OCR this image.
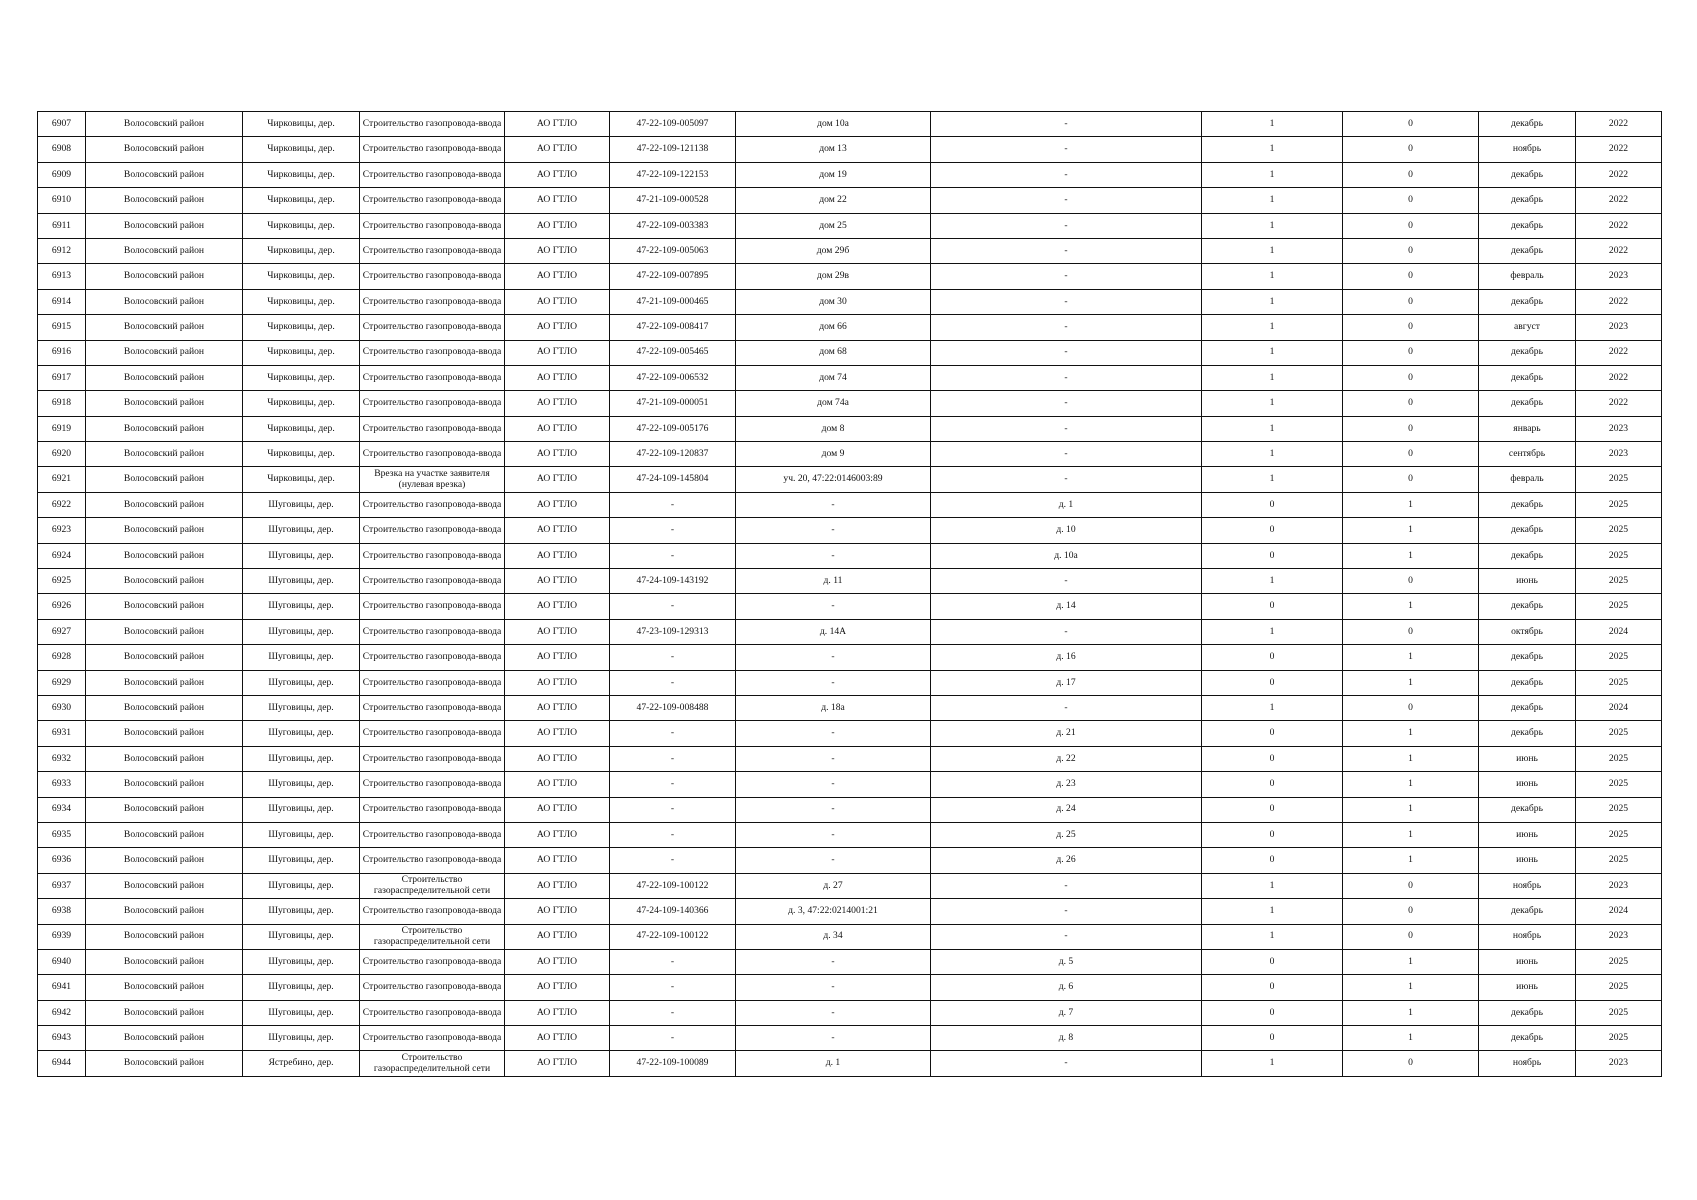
6907	Волосовский район	Чирковицы, дер.	Строительство газопровода-ввода	АО ГТЛО	47-22-109-005097	дом 10а	-	1	0	декабрь	2022
6908	Волосовский район	Чирковицы, дер.	Строительство газопровода-ввода	АО ГТЛО	47-22-109-121138	дом 13	-	1	0	ноябрь	2022
6909	Волосовский район	Чирковицы, дер.	Строительство газопровода-ввода	АО ГТЛО	47-22-109-122153	дом 19	-	1	0	декабрь	2022
6910	Волосовский район	Чирковицы, дер.	Строительство газопровода-ввода	АО ГТЛО	47-21-109-000528	дом 22	-	1	0	декабрь	2022
6911	Волосовский район	Чирковицы, дер.	Строительство газопровода-ввода	АО ГТЛО	47-22-109-003383	дом 25	-	1	0	декабрь	2022
6912	Волосовский район	Чирковицы, дер.	Строительство газопровода-ввода	АО ГТЛО	47-22-109-005063	дом 29б	-	1	0	декабрь	2022
6913	Волосовский район	Чирковицы, дер.	Строительство газопровода-ввода	АО ГТЛО	47-22-109-007895	дом 29в	-	1	0	февраль	2023
6914	Волосовский район	Чирковицы, дер.	Строительство газопровода-ввода	АО ГТЛО	47-21-109-000465	дом 30	-	1	0	декабрь	2022
6915	Волосовский район	Чирковицы, дер.	Строительство газопровода-ввода	АО ГТЛО	47-22-109-008417	дом 66	-	1	0	август	2023
6916	Волосовский район	Чирковицы, дер.	Строительство газопровода-ввода	АО ГТЛО	47-22-109-005465	дом 68	-	1	0	декабрь	2022
6917	Волосовский район	Чирковицы, дер.	Строительство газопровода-ввода	АО ГТЛО	47-22-109-006532	дом 74	-	1	0	декабрь	2022
6918	Волосовский район	Чирковицы, дер.	Строительство газопровода-ввода	АО ГТЛО	47-21-109-000051	дом 74а	-	1	0	декабрь	2022
6919	Волосовский район	Чирковицы, дер.	Строительство газопровода-ввода	АО ГТЛО	47-22-109-005176	дом 8	-	1	0	январь	2023
6920	Волосовский район	Чирковицы, дер.	Строительство газопровода-ввода	АО ГТЛО	47-22-109-120837	дом 9	-	1	0	сентябрь	2023
6921	Волосовский район	Чирковицы, дер.	Врезка на участке заявителя (нулевая врезка)	АО ГТЛО	47-24-109-145804	уч. 20, 47:22:0146003:89	-	1	0	февраль	2025
6922	Волосовский район	Шуговицы, дер.	Строительство газопровода-ввода	АО ГТЛО	-	-	д. 1	0	1	декабрь	2025
6923	Волосовский район	Шуговицы, дер.	Строительство газопровода-ввода	АО ГТЛО	-	-	д. 10	0	1	декабрь	2025
6924	Волосовский район	Шуговицы, дер.	Строительство газопровода-ввода	АО ГТЛО	-	-	д. 10а	0	1	декабрь	2025
6925	Волосовский район	Шуговицы, дер.	Строительство газопровода-ввода	АО ГТЛО	47-24-109-143192	д. 11	-	1	0	июнь	2025
6926	Волосовский район	Шуговицы, дер.	Строительство газопровода-ввода	АО ГТЛО	-	-	д. 14	0	1	декабрь	2025
6927	Волосовский район	Шуговицы, дер.	Строительство газопровода-ввода	АО ГТЛО	47-23-109-129313	д. 14А	-	1	0	октябрь	2024
6928	Волосовский район	Шуговицы, дер.	Строительство газопровода-ввода	АО ГТЛО	-	-	д. 16	0	1	декабрь	2025
6929	Волосовский район	Шуговицы, дер.	Строительство газопровода-ввода	АО ГТЛО	-	-	д. 17	0	1	декабрь	2025
6930	Волосовский район	Шуговицы, дер.	Строительство газопровода-ввода	АО ГТЛО	47-22-109-008488	д. 18а	-	1	0	декабрь	2024
6931	Волосовский район	Шуговицы, дер.	Строительство газопровода-ввода	АО ГТЛО	-	-	д. 21	0	1	декабрь	2025
6932	Волосовский район	Шуговицы, дер.	Строительство газопровода-ввода	АО ГТЛО	-	-	д. 22	0	1	июнь	2025
6933	Волосовский район	Шуговицы, дер.	Строительство газопровода-ввода	АО ГТЛО	-	-	д. 23	0	1	июнь	2025
6934	Волосовский район	Шуговицы, дер.	Строительство газопровода-ввода	АО ГТЛО	-	-	д. 24	0	1	декабрь	2025
6935	Волосовский район	Шуговицы, дер.	Строительство газопровода-ввода	АО ГТЛО	-	-	д. 25	0	1	июнь	2025
6936	Волосовский район	Шуговицы, дер.	Строительство газопровода-ввода	АО ГТЛО	-	-	д. 26	0	1	июнь	2025
6937	Волосовский район	Шуговицы, дер.	Строительство газораспределительной сети	АО ГТЛО	47-22-109-100122	д. 27	-	1	0	ноябрь	2023
6938	Волосовский район	Шуговицы, дер.	Строительство газопровода-ввода	АО ГТЛО	47-24-109-140366	д. 3, 47:22:0214001:21	-	1	0	декабрь	2024
6939	Волосовский район	Шуговицы, дер.	Строительство газораспределительной сети	АО ГТЛО	47-22-109-100122	д. 34	-	1	0	ноябрь	2023
6940	Волосовский район	Шуговицы, дер.	Строительство газопровода-ввода	АО ГТЛО	-	-	д. 5	0	1	июнь	2025
6941	Волосовский район	Шуговицы, дер.	Строительство газопровода-ввода	АО ГТЛО	-	-	д. 6	0	1	июнь	2025
6942	Волосовский район	Шуговицы, дер.	Строительство газопровода-ввода	АО ГТЛО	-	-	д. 7	0	1	декабрь	2025
6943	Волосовский район	Шуговицы, дер.	Строительство газопровода-ввода	АО ГТЛО	-	-	д. 8	0	1	декабрь	2025
6944	Волосовский район	Ястребино, дер.	Строительство газораспределительной сети	АО ГТЛО	47-22-109-100089	д. 1	-	1	0	ноябрь	2023
